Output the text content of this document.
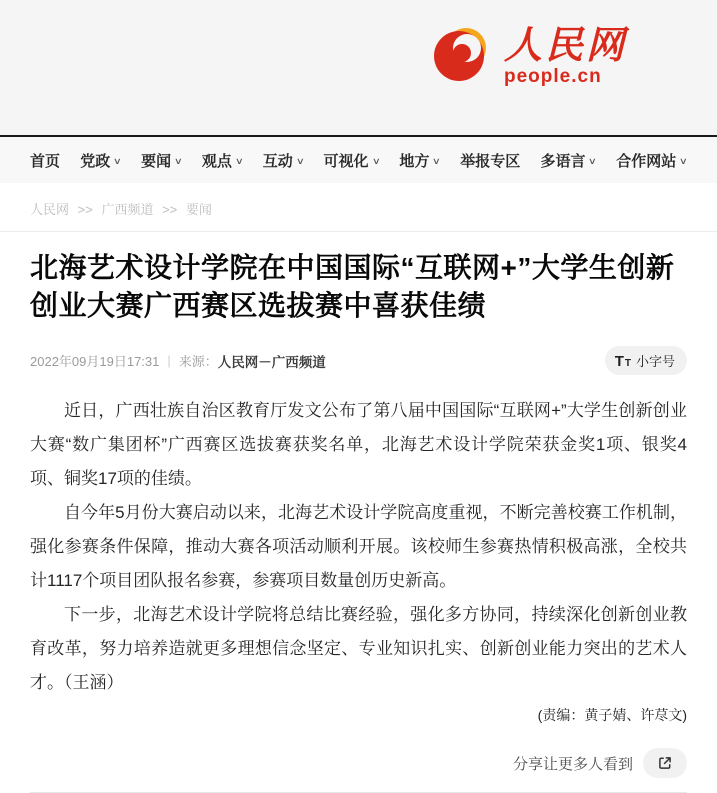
人民网
people.cn
首页 党政 ∨ 要闻 ∨ 观点 ∨ 互动 ∨ 可视化 ∨ 地方 ∨ 举报专区 多语言 ∨ 合作网站 ∨
人民网 >> 广西频道 >> 要闻
北海艺术设计学院在中国国际“互联网+”大学生创新创业大赛广西赛区选拔赛中喜获佳绩
2022年09月19日17:31 | 来源： 人民网－广西频道	T T 小字号

近日，广西壮族自治区教育厅发文公布了第八届中国国际“互联网+”大学生创新创业大赛“数广集团杯”广西赛区选拔赛获奖名单，北海艺术设计学院荣获金奖1项、银奖4项、铜奖17项的佳绩。

自今年5月份大赛启动以来，北海艺术设计学院高度重视，不断完善校赛工作机制，强化参赛条件保障，推动大赛各项活动顺利开展。该校师生参赛热情积极高涨，全校共计1117个项目团队报名参赛，参赛项目数量创历史新高。

下一步，北海艺术设计学院将总结比赛经验，强化多方协同，持续深化创新创业教育改革，努力培养造就更多理想信念坚定、专业知识扎实、创新创业能力突出的艺术人才。（王涵）

(责编：黄子婧、许荩文)
分享让更多人看到
